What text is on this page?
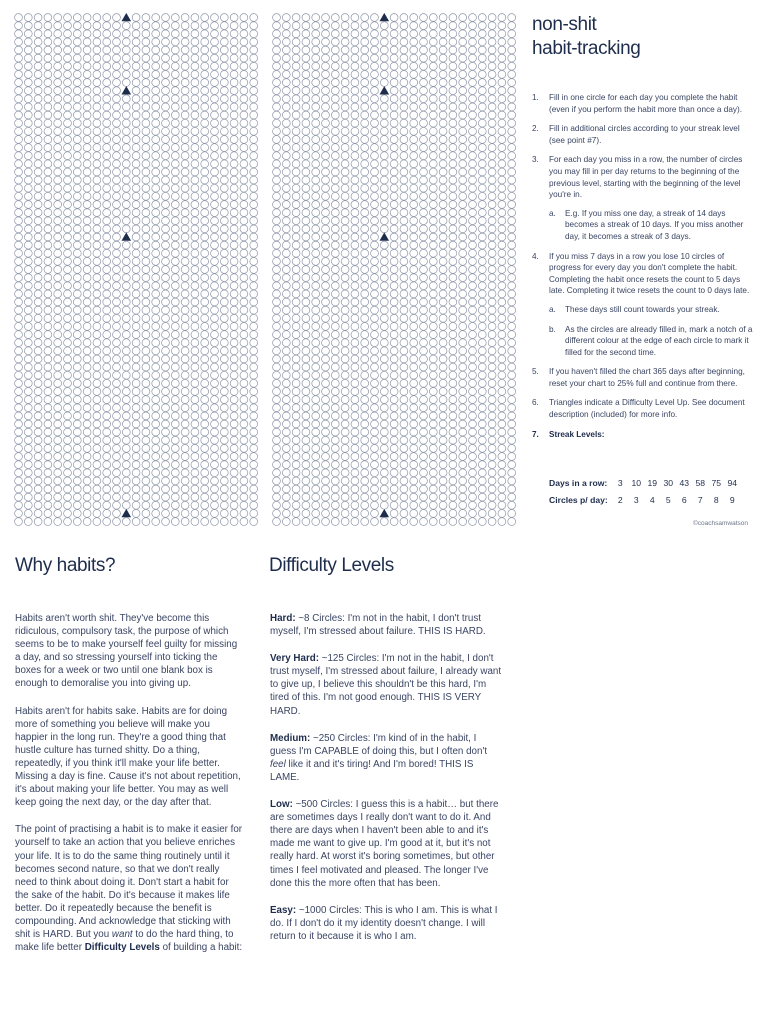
non-shit
habit-tracking
1. Fill in one circle for each day you complete the habit (even if you perform the habit more than once a day).
2. Fill in additional circles according to your streak level (see point #7).
3. For each day you miss in a row, the number of circles you may fill in per day returns to the beginning of the previous level, starting with the beginning of the level you're in.
a. E.g. If you miss one day, a streak of 14 days becomes a streak of 10 days. If you miss another day, it becomes a streak of 3 days.
4. If you miss 7 days in a row you lose 10 circles of progress for every day you don't complete the habit. Completing the habit once resets the count to 5 days late. Completing it twice resets the count to 0 days late.
a. These days still count towards your streak.
b. As the circles are already filled in, mark a notch of a different colour at the edge of each circle to mark it filled for the second time.
5. If you haven't filled the chart 365 days after beginning, reset your chart to 25% full and continue from there.
6. Triangles indicate a Difficulty Level Up. See document description (included) for more info.
7. Streak Levels:
Days in a row:	3	10	19	30	43	58	75	94
Circles p/ day:	2	3	4	5	6	7	8	9
©coachsamwatson
Why habits?	Difficulty Levels

Habits aren't worth shit. They've become this ridiculous, compulsory task, the purpose of which seems to be to make yourself feel guilty for missing a day, and so stressing yourself into ticking the boxes for a week or two until one blank box is enough to demoralise you into giving up.

Habits aren't for habits sake. Habits are for doing more of something you believe will make you happier in the long run. They're a good thing that hustle culture has turned shitty. Do a thing, repeatedly, if you think it'll make your life better. Missing a day is fine. Cause it's not about repetition, it's about making your life better. You may as well keep going the next day, or the day after that.

The point of practising a habit is to make it easier for yourself to take an action that you believe enriches your life. It is to do the same thing routinely until it becomes second nature, so that we don't really need to think about doing it. Don't start a habit for the sake of the habit. Do it's because it makes life better. Do it repeatedly because the benefit is compounding. And acknowledge that sticking with shit is HARD. But you want to do the hard thing, to make life better Difficulty Levels of building a habit:

Hard: ~8 Circles: I'm not in the habit, I don't trust myself, I'm stressed about failure. THIS IS HARD.

Very Hard: ~125 Circles: I'm not in the habit, I don't trust myself, I'm stressed about failure, I already want to give up, I believe this shouldn't be this hard, I'm tired of this. I'm not good enough. THIS IS VERY HARD.

Medium: ~250 Circles: I'm kind of in the habit, I guess I'm CAPABLE of doing this, but I often don't feel like it and it's tiring! And I'm bored! THIS IS LAME.

Low: ~500 Circles: I guess this is a habit… but there are sometimes days I really don't want to do it. And there are days when I haven't been able to and it's made me want to give up. I'm good at it, but it's not really hard. At worst it's boring sometimes, but other times I feel motivated and pleased. The longer I've done this the more often that has been.

Easy: ~1000 Circles: This is who I am. This is what I do. If I don't do it my identity doesn't change. I will return to it because it is who I am.
